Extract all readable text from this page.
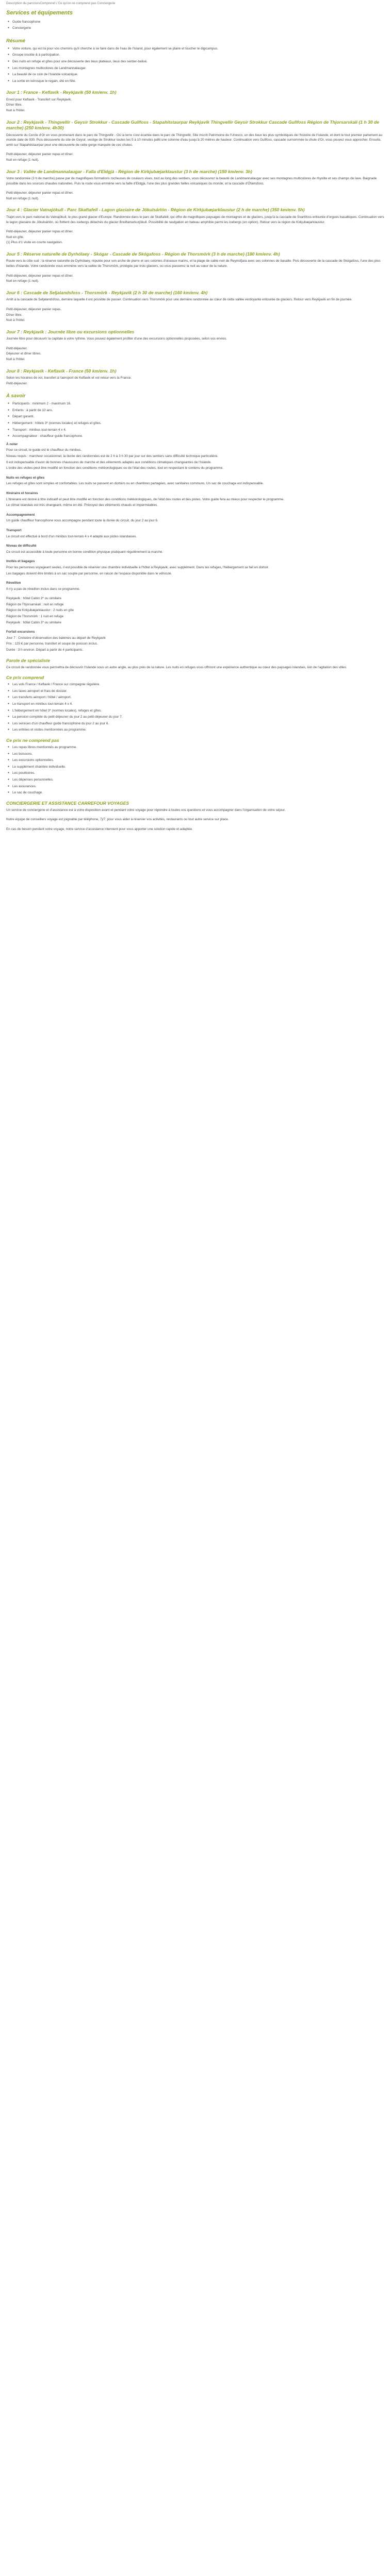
Description du parcoursComprend L'Ce qu'on ne comprend pas Conciergerie

Services et équipements
● Guide francophone
● Conciergerie
Résumé
● Votre voiture, qui est là pour vos chemins qu'il cherche à se faire dans de l'eau de l'Island, pour également se plaire et toucher le digicampus.
● Groupe insolite & à participation.
● Des nuits en refuge et gîtes pour une découverte des lieux plateaux, lieux des sentier-balisé.
● Les montagnes multicolores de Landmannalaugar.
● La beauté de ce coin de l'Islande volcanique.
● La sortie en kérosque le regain, été en fête.
Jour 1 : France - Keflavik - Reykjavik (50 km/env. 1h)

Envol pour Keflavik - Transfert sur Reykjavik.

Dîner libre.

Nuit à l'hôtel.

Jour 2 : Reykjavik - Thingvellir - Geysir Strokkur - Cascade Gullfoss - Stapahitstaurpar Reykjavik Thingvellir Geysir Strokkur Cascade Gullfoss Région de Thjorsarskali (1 h 30 de marche) (250 km/env. 4h30)

Découverte du Cercle d'Or en vous promenant dans le parc de Thingvellir - Où la terre s'est écartée dans le parc de Thingvellir, Site inscrit Patrimoine de l'Unesco, un des lieux les plus symboliques de l'histoire de l'Islande, et dont le tout premier parlement au monde date de 930. Puis découverte du site de Geysir, vestige de Strokkur toutes les 5 à 10 minutes jaillit une colonne d'eau jusqu'à 20 mètres de hauteur. Continuation vers Gullfoss, cascade surnommée la chute d'Or, vous pouvez vous approcher. Ensuite, arrêt sur Stapahitstaurpar pour une découverte de cette gorge marquée de ces chutes.

Petit-déjeuner, déjeuner panier repas et dîner.

Nuit en refuge (1 nuit).

Jour 3 : Vallée de Landmannalaugar - Falla d'Eldgjà - Région de Kirkjubæjarklaustur (3 h de marche) (150 km/env. 3h)

Votre randonnée (3 h de marche) passe par de magnifiques formations rocheuses de couleurs vives, tout au long des sentiers, vous découvrez la beauté de Landmannalaugar avec ses montagnes multicolores de rhyolite et ses champs de lave. Baignade possible dans les sources chaudes naturelles. Puis la route vous emmène vers la faille d'Eldgjà, l'une des plus grandes failles volcaniques du monde, et la cascade d'Ófærufoss.

Petit-déjeuner, déjeuner panier repas et dîner.

Nuit en refuge (1 nuit).

Jour 4 : Glacier Vatnajökull - Parc Skaftafell - Lagon glaciaire de Jökulsárlón - Région de Kirkjubæjarklaustur (2 h de marche) (350 km/env. 5h)

Trajet vers le parc national du Vatnajökull, le plus grand glacier d'Europe. Randonnée dans le parc de Skaftafell, qui offre de magnifiques paysages de montagnes et de glaciers, jusqu'à la cascade de Svartifoss entourée d'orgues basaltiques. Continuation vers le lagon glaciaire de Jökulsárlón, où flottent des icebergs détachés du glacier Breiðamerkurjökull. Possibilité de navigation en bateau amphibie parmi les icebergs (en option). Retour vers la région de Kirkjubæjarklaustur.

Petit-déjeuner, déjeuner panier repas et dîner.

Nuit en gîte.

(1) Plus d'1 visite en courte navigation.

Jour 5 : Réserve naturelle de Dyrhólaey - Skógar - Cascade de Skógafoss - Région de Thorsmörk (3 h de marche) (180 km/env. 4h)

Route vers la côte sud : la réserve naturelle de Dyrhólaey, réputée pour son arche de pierre et ses colonies d'oiseaux marins, et la plage de sable noir de Reynisfjara avec ses colonnes de basalte. Puis découverte de la cascade de Skógafoss, l'une des plus belles d'Islande. Votre randonnée vous emmène vers la vallée de Thorsmörk, protégée par trois glaciers, où vous passerez la nuit au cœur de la nature.

Petit-déjeuner, déjeuner panier repas et dîner.

Nuit en refuge (1 nuit).

Jour 6 : Cascade de Seljalandsfoss - Thorsmörk - Reykjavik (2 h 30 de marche) (160 km/env. 4h)

Arrêt à la cascade de Seljalandsfoss, derrière laquelle il est possible de passer. Continuation vers Thorsmörk pour une dernière randonnée au cœur de cette vallée verdoyante entourée de glaciers. Retour vers Reykjavik en fin de journée.

Petit-déjeuner, déjeuner panier repas.

Dîner libre.

Nuit à l'hôtel.

Jour 7 : Reykjavik : Journée libre ou excursions optionnelles

Journée libre pour découvrir la capitale à votre rythme. Vous pouvez également profiter d'une des excursions optionnelles proposées, selon vos envies.

Petit-déjeuner.

Déjeuner et dîner libres.

Nuit à l'hôtel.

Jour 8 : Reykjavik - Keflavik - France (50 km/env. 1h)

Selon les horaires de vol, transfert à l'aéroport de Keflavik et vol retour vers la France.

Petit-déjeuner.

À savoir
● Participants : minimum 2 - maximum 16.
● Enfants : à partir de 10 ans.
● Départ garanti.
● Hébergement : hôtels 3* (normes locales) et refuges et gîtes.
● Transport : minibus tout-terrain 4 x 4.
● Accompagnateur : chauffeur guide francophone.

À noter

Pour ce circuit, le guide est le chauffeur du minibus.

Niveau requis : marcheur occasionnel, la durée des randonnées est de 2 h à 3 h 30 par jour sur des sentiers sans difficulté technique particulière.

Il est indispensable d'avoir de bonnes chaussures de marche et des vêtements adaptés aux conditions climatiques changeantes de l'Islande.

L'ordre des visites peut être modifié en fonction des conditions météorologiques ou de l'état des routes, tout en respectant le contenu du programme.

Nuits en refuges et gîtes

Les refuges et gîtes sont simples et confortables. Les nuits se passent en dortoirs ou en chambres partagées, avec sanitaires communs. Un sac de couchage est indispensable.

Itinéraire et horaires

L'itinéraire est donné à titre indicatif et peut être modifié en fonction des conditions météorologiques, de l'état des routes et des pistes. Votre guide fera au mieux pour respecter le programme.

Le climat islandais est très changeant, même en été. Prévoyez des vêtements chauds et imperméables.

Accompagnement

Un guide chauffeur francophone vous accompagne pendant toute la durée du circuit, du jour 2 au jour 6.

Transport

Le circuit est effectué à bord d'un minibus tout-terrain 4 x 4 adapté aux pistes islandaises.

Niveau de difficulté

Ce circuit est accessible à toute personne en bonne condition physique pratiquant régulièrement la marche.

Invités et bagages

Pour les personnes voyageant seules, il est possible de réserver une chambre individuelle à l'hôtel à Reykjavik, avec supplément. Dans les refuges, l'hébergement se fait en dortoir.

Les bagages doivent être limités à un sac souple par personne, en raison de l'espace disponible dans le véhicule.

Réveillon

Il n'y a pas de réveillon inclus dans ce programme.

Reykjavik : hôtel Cabin 3* ou similaire

Région de Thjorsarskali : nuit en refuge

Région de Kirkjubæjarklaustur : 2 nuits en gîte

Région de Thorsmörk : 1 nuit en refuge

Reykjavik : hôtel Cabin 3* ou similaire

Forfait excursions

Jour 7 : Croisière d'observation des baleines au départ de Reykjavik

Prix : 125 € par personne, transfert et soupe de poisson inclus.

Durée : 3 h environ. Départ à partir de 4 participants.

Parole de spécialiste

Ce circuit de randonnée vous permettra de découvrir l'Islande sous un autre angle, au plus près de la nature. Les nuits en refuges vous offriront une expérience authentique au cœur des paysages islandais, loin de l'agitation des villes.

Ce prix comprend
● Les vols France / Keflavik / France sur compagnie régulière.
● Les taxes aéroport et frais de dossier.
● Les transferts aéroport / hôtel / aéroport.
● Le transport en minibus tout-terrain 4 x 4.
● L'hébergement en hôtel 3* (normes locales), refuges et gîtes.
● La pension complète du petit-déjeuner du jour 2 au petit-déjeuner du jour 7.
● Les services d'un chauffeur guide francophone du jour 2 au jour 6.
● Les entrées et visites mentionnées au programme.
Ce prix ne comprend pas
● Les repas libres mentionnés au programme.
● Les boissons.
● Les excursions optionnelles.
● Le supplément chambre individuelle.
● Les pourboires.
● Les dépenses personnelles.
● Les assurances.
● Le sac de couchage.
CONCIERGERIE ET ASSISTANCE CARREFOUR VOYAGES

Un service de conciergerie et d'assistance est à votre disposition avant et pendant votre voyage pour répondre à toutes vos questions et vous accompagner dans l'organisation de votre séjour.

Notre équipe de conseillers voyage est joignable par téléphone, 7j/7, pour vous aider à réserver vos activités, restaurants ou tout autre service sur place.

En cas de besoin pendant votre voyage, notre service d'assistance intervient pour vous apporter une solution rapide et adaptée.
